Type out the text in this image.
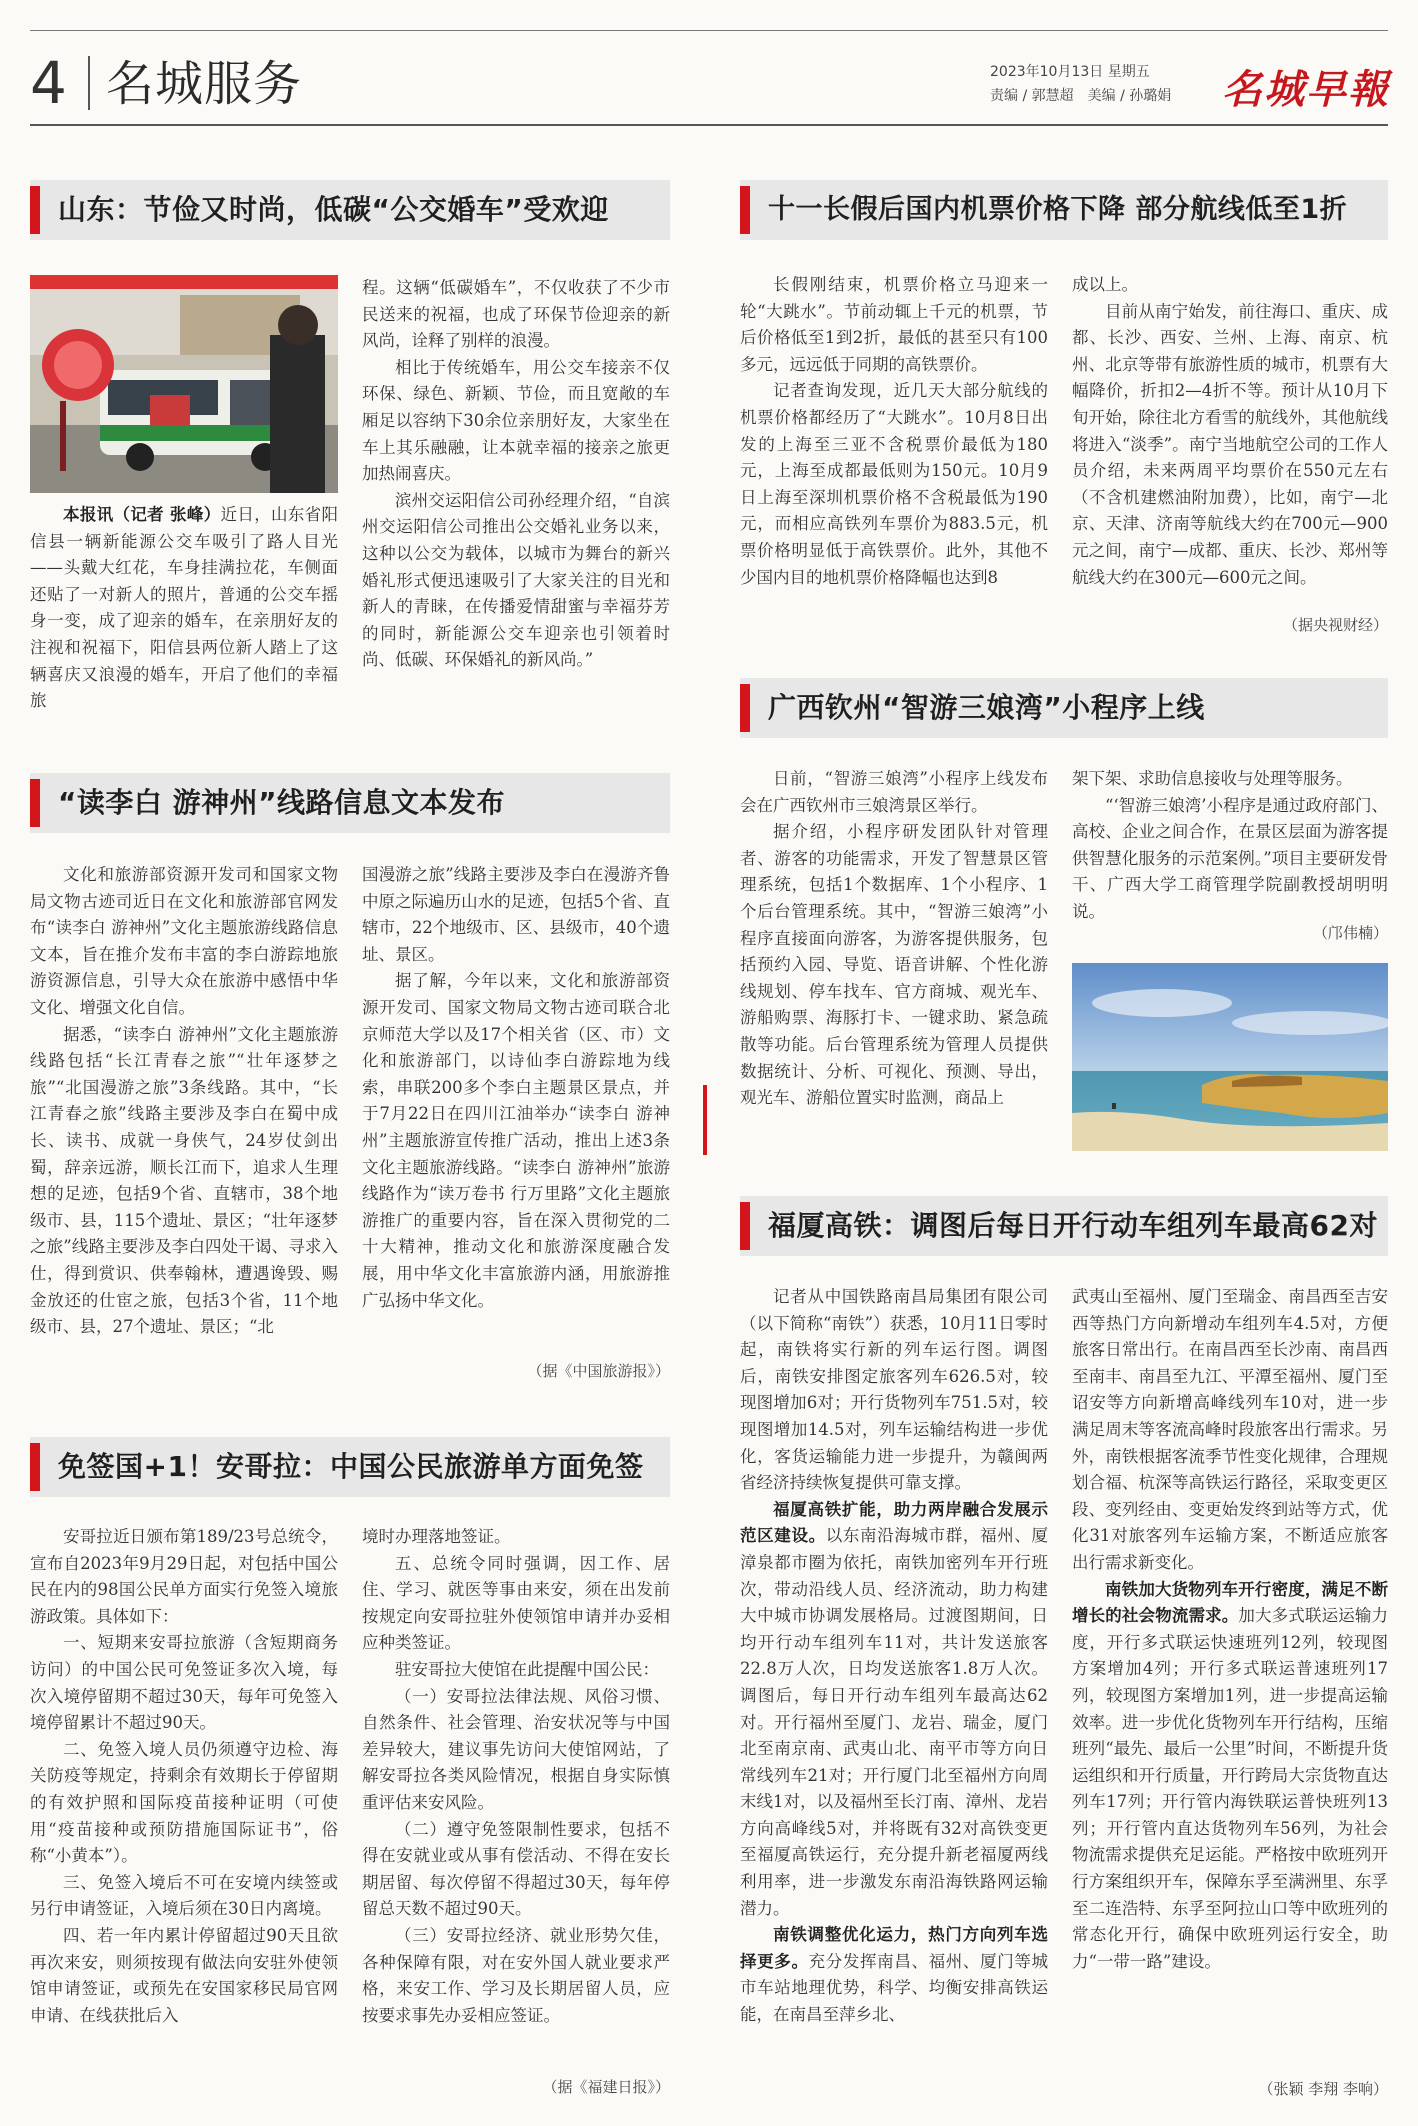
4 名城服务	2023年10月13日 星期五
责编 / 郭慧超　美编 / 孙璐娟 名城早報
山东：节俭又时尚，低碳“公交婚车”受欢迎

本报讯（记者 张峰）近日，山东省阳信县一辆新能源公交车吸引了路人目光——头戴大红花，车身挂满拉花，车侧面还贴了一对新人的照片，普通的公交车摇身一变，成了迎亲的婚车，在亲朋好友的注视和祝福下，阳信县两位新人踏上了这辆喜庆又浪漫的婚车，开启了他们的幸福旅

程。这辆“低碳婚车”，不仅收获了不少市民送来的祝福，也成了环保节俭迎亲的新风尚，诠释了别样的浪漫。

相比于传统婚车，用公交车接亲不仅环保、绿色、新颖、节俭，而且宽敞的车厢足以容纳下30余位亲朋好友，大家坐在车上其乐融融，让本就幸福的接亲之旅更加热闹喜庆。

滨州交运阳信公司孙经理介绍，“自滨州交运阳信公司推出公交婚礼业务以来，这种以公交为载体，以城市为舞台的新兴婚礼形式便迅速吸引了大家关注的目光和新人的青睐，在传播爱情甜蜜与幸福芬芳的同时，新能源公交车迎亲也引领着时尚、低碳、环保婚礼的新风尚。”

“读李白 游神州”线路信息文本发布

文化和旅游部资源开发司和国家文物局文物古迹司近日在文化和旅游部官网发布“读李白 游神州”文化主题旅游线路信息文本，旨在推介发布丰富的李白游踪地旅游资源信息，引导大众在旅游中感悟中华文化、增强文化自信。

据悉，“读李白 游神州”文化主题旅游线路包括“长江青春之旅”“壮年逐梦之旅”“北国漫游之旅”3条线路。其中，“长江青春之旅”线路主要涉及李白在蜀中成长、读书、成就一身侠气，24岁仗剑出蜀，辞亲远游，顺长江而下，追求人生理想的足迹，包括9个省、直辖市，38个地级市、县，115个遗址、景区；“壮年逐梦之旅”线路主要涉及李白四处干谒、寻求入仕，得到赏识、供奉翰林，遭遇谗毁、赐金放还的仕宦之旅，包括3个省，11个地级市、县，27个遗址、景区；“北

国漫游之旅”线路主要涉及李白在漫游齐鲁中原之际遍历山水的足迹，包括5个省、直辖市，22个地级市、区、县级市，40个遗址、景区。

据了解，今年以来，文化和旅游部资源开发司、国家文物局文物古迹司联合北京师范大学以及17个相关省（区、市）文化和旅游部门，以诗仙李白游踪地为线索，串联200多个李白主题景区景点，并于7月22日在四川江油举办“读李白 游神州”主题旅游宣传推广活动，推出上述3条文化主题旅游线路。“读李白 游神州”旅游线路作为“读万卷书 行万里路”文化主题旅游推广的重要内容，旨在深入贯彻党的二十大精神，推动文化和旅游深度融合发展，用中华文化丰富旅游内涵，用旅游推广弘扬中华文化。

（据《中国旅游报》）
免签国+1！安哥拉：中国公民旅游单方面免签

安哥拉近日颁布第189/23号总统令，宣布自2023年9月29日起，对包括中国公民在内的98国公民单方面实行免签入境旅游政策。具体如下：

一、短期来安哥拉旅游（含短期商务访问）的中国公民可免签证多次入境，每次入境停留期不超过30天，每年可免签入境停留累计不超过90天。

二、免签入境人员仍须遵守边检、海关防疫等规定，持剩余有效期长于停留期的有效护照和国际疫苗接种证明（可使用“疫苗接种或预防措施国际证书”，俗称“小黄本”）。

三、免签入境后不可在安境内续签或另行申请签证，入境后须在30日内离境。

四、若一年内累计停留超过90天且欲再次来安，则须按现有做法向安驻外使领馆申请签证，或预先在安国家移民局官网申请、在线获批后入

境时办理落地签证。

五、总统令同时强调，因工作、居住、学习、就医等事由来安，须在出发前按规定向安哥拉驻外使领馆申请并办妥相应种类签证。

驻安哥拉大使馆在此提醒中国公民：

（一）安哥拉法律法规、风俗习惯、自然条件、社会管理、治安状况等与中国差异较大，建议事先访问大使馆网站，了解安哥拉各类风险情况，根据自身实际慎重评估来安风险。

（二）遵守免签限制性要求，包括不得在安就业或从事有偿活动、不得在安长期居留、每次停留不得超过30天，每年停留总天数不超过90天。

（三）安哥拉经济、就业形势欠佳，各种保障有限，对在安外国人就业要求严格，来安工作、学习及长期居留人员，应按要求事先办妥相应签证。

（据《福建日报》）
十一长假后国内机票价格下降 部分航线低至1折

长假刚结束，机票价格立马迎来一轮“大跳水”。节前动辄上千元的机票，节后价格低至1到2折，最低的甚至只有100多元，远远低于同期的高铁票价。

记者查询发现，近几天大部分航线的机票价格都经历了“大跳水”。10月8日出发的上海至三亚不含税票价最低为180元，上海至成都最低则为150元。10月9日上海至深圳机票价格不含税最低为190元，而相应高铁列车票价为883.5元，机票价格明显低于高铁票价。此外，其他不少国内目的地机票价格降幅也达到8

成以上。

目前从南宁始发，前往海口、重庆、成都、长沙、西安、兰州、上海、南京、杭州、北京等带有旅游性质的城市，机票有大幅降价，折扣2—4折不等。预计从10月下旬开始，除往北方看雪的航线外，其他航线将进入“淡季”。南宁当地航空公司的工作人员介绍，未来两周平均票价在550元左右（不含机建燃油附加费），比如，南宁—北京、天津、济南等航线大约在700元—900元之间，南宁—成都、重庆、长沙、郑州等航线大约在300元—600元之间。

（据央视财经）
广西钦州“智游三娘湾”小程序上线

日前，“智游三娘湾”小程序上线发布会在广西钦州市三娘湾景区举行。

据介绍，小程序研发团队针对管理者、游客的功能需求，开发了智慧景区管理系统，包括1个数据库、1个小程序、1个后台管理系统。其中，“智游三娘湾”小程序直接面向游客，为游客提供服务，包括预约入园、导览、语音讲解、个性化游线规划、停车找车、官方商城、观光车、游船购票、海豚打卡、一键求助、紧急疏散等功能。后台管理系统为管理人员提供数据统计、分析、可视化、预测、导出，观光车、游船位置实时监测，商品上

架下架、求助信息接收与处理等服务。

“‘智游三娘湾’小程序是通过政府部门、高校、企业之间合作，在景区层面为游客提供智慧化服务的示范案例。”项目主要研发骨干、广西大学工商管理学院副教授胡明明说。

（邝伟楠）
福厦高铁：调图后每日开行动车组列车最高62对

记者从中国铁路南昌局集团有限公司（以下简称“南铁”）获悉，10月11日零时起，南铁将实行新的列车运行图。调图后，南铁安排图定旅客列车626.5对，较现图增加6对；开行货物列车751.5对，较现图增加14.5对，列车运输结构进一步优化，客货运输能力进一步提升，为赣闽两省经济持续恢复提供可靠支撑。

福厦高铁扩能，助力两岸融合发展示范区建设。以东南沿海城市群，福州、厦漳泉都市圈为依托，南铁加密列车开行班次，带动沿线人员、经济流动，助力构建大中城市协调发展格局。过渡图期间，日均开行动车组列车11对，共计发送旅客22.8万人次，日均发送旅客1.8万人次。调图后，每日开行动车组列车最高达62对。开行福州至厦门、龙岩、瑞金，厦门北至南京南、武夷山北、南平市等方向日常线列车21对；开行厦门北至福州方向周末线1对，以及福州至长汀南、漳州、龙岩方向高峰线5对，并将既有32对高铁变更至福厦高铁运行，充分提升新老福厦两线利用率，进一步激发东南沿海铁路网运输潜力。

南铁调整优化运力，热门方向列车选择更多。充分发挥南昌、福州、厦门等城市车站地理优势，科学、均衡安排高铁运能，在南昌至萍乡北、

武夷山至福州、厦门至瑞金、南昌西至吉安西等热门方向新增动车组列车4.5对，方便旅客日常出行。在南昌西至长沙南、南昌西至南丰、南昌至九江、平潭至福州、厦门至诏安等方向新增高峰线列车10对，进一步满足周末等客流高峰时段旅客出行需求。另外，南铁根据客流季节性变化规律，合理规划合福、杭深等高铁运行路径，采取变更区段、变列经由、变更始发终到站等方式，优化31对旅客列车运输方案，不断适应旅客出行需求新变化。

南铁加大货物列车开行密度，满足不断增长的社会物流需求。加大多式联运运输力度，开行多式联运快速班列12列，较现图方案增加4列；开行多式联运普速班列17列，较现图方案增加1列，进一步提高运输效率。进一步优化货物列车开行结构，压缩班列“最先、最后一公里”时间，不断提升货运组织和开行质量，开行跨局大宗货物直达列车17列；开行管内海铁联运普快班列13列；开行管内直达货物列车56列，为社会物流需求提供充足运能。严格按中欧班列开行方案组织开车，保障东孚至满洲里、东孚至二连浩特、东孚至阿拉山口等中欧班列的常态化开行，确保中欧班列运行安全，助力“一带一路”建设。

（张颖 李翔 李响）
